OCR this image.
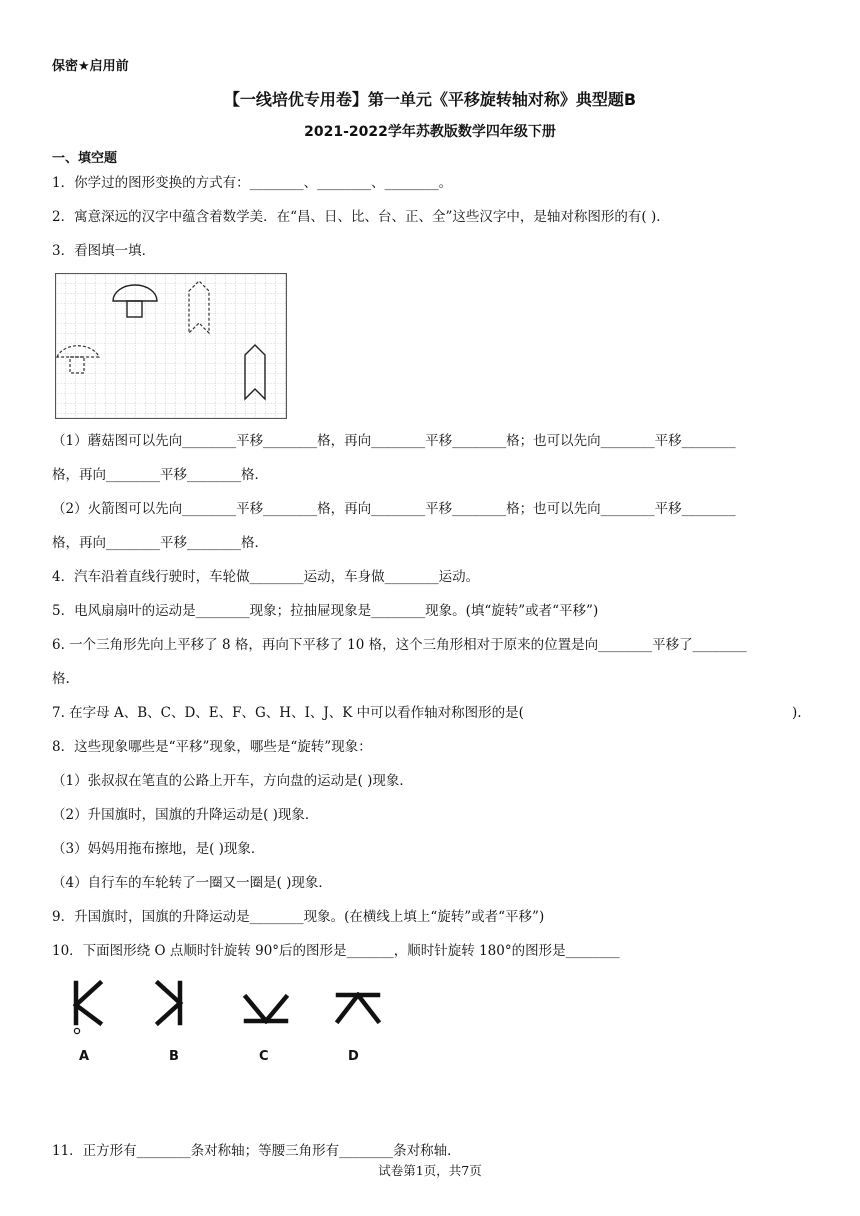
保密★启用前
【一线培优专用卷】第一单元《平移旋转轴对称》典型题B
2021-2022学年苏教版数学四年级下册
一、填空题
1．你学过的图形变换的方式有：________、________、________。
2．寓意深远的汉字中蕴含着数学美．在“昌、日、比、台、正、全”这些汉字中，是轴对称图形的有( )．
3．看图填一填．
（1）蘑菇图可以先向________平移________格，再向________平移________格；也可以先向________平移________
格，再向________平移________格．
（2）火箭图可以先向________平移________格，再向________平移________格；也可以先向________平移________
格，再向________平移________格．
4．汽车沿着直线行驶时，车轮做________运动，车身做________运动。
5．电风扇扇叶的运动是________现象；拉抽屉现象是________现象。(填“旋转”或者“平移”)
6. 一个三角形先向上平移了 8 格，再向下平移了 10 格，这个三角形相对于原来的位置是向________平移了________
格.
7. 在字母 A、B、C、D、E、F、G、H、I、J、K 中可以看作轴对称图形的是(	).
8．这些现象哪些是“平移”现象，哪些是“旋转”现象：
（1）张叔叔在笔直的公路上开车，方向盘的运动是( )现象．
（2）升国旗时，国旗的升降运动是( )现象．
（3）妈妈用拖布擦地，是( )现象．
（4）自行车的车轮转了一圈又一圈是( )现象．
9．升国旗时，国旗的升降运动是________现象。(在横线上填上“旋转”或者“平移”)
10．下面图形绕 O 点顺时针旋转 90°后的图形是_______，顺时针旋转 180°的图形是________
A	B	C	D
11．正方形有________条对称轴；等腰三角形有________条对称轴．
试卷第1页，共7页
